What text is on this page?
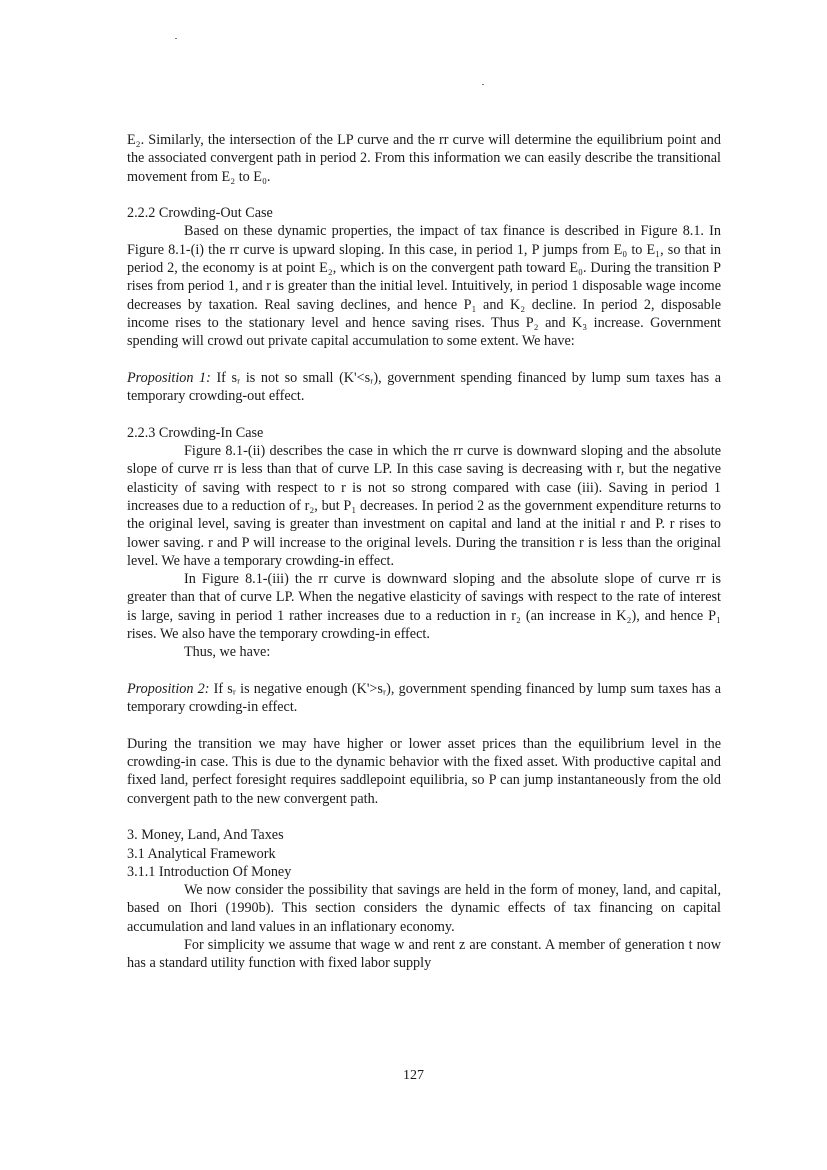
E₂. Similarly, the intersection of the LP curve and the rr curve will determine the equilibrium point and the associated convergent path in period 2. From this information we can easily describe the transitional movement from E₂ to E₀.

2.2.2 Crowding-Out Case

Based on these dynamic properties, the impact of tax finance is described in Figure 8.1. In Figure 8.1-(i) the rr curve is upward sloping. In this case, in period 1, P jumps from E₀ to E₁, so that in period 2, the economy is at point E₂, which is on the convergent path toward E₀. During the transition P rises from period 1, and r is greater than the initial level. Intuitively, in period 1 disposable wage income decreases by taxation. Real saving declines, and hence P₁ and K₂ decline. In period 2, disposable income rises to the stationary level and hence saving rises. Thus P₂ and K₃ increase. Government spending will crowd out private capital accumulation to some extent. We have:

Proposition 1: If sᵣ is not so small (K'<sᵣ), government spending financed by lump sum taxes has a temporary crowding-out effect.

2.2.3 Crowding-In Case

Figure 8.1-(ii) describes the case in which the rr curve is downward sloping and the absolute slope of curve rr is less than that of curve LP. In this case saving is decreasing with r, but the negative elasticity of saving with respect to r is not so strong compared with case (iii). Saving in period 1 increases due to a reduction of r₂, but P₁ decreases. In period 2 as the government expenditure returns to the original level, saving is greater than investment on capital and land at the initial r and P. r rises to lower saving. r and P will increase to the original levels. During the transition r is less than the original level. We have a temporary crowding-in effect.

In Figure 8.1-(iii) the rr curve is downward sloping and the absolute slope of curve rr is greater than that of curve LP. When the negative elasticity of savings with respect to the rate of interest is large, saving in period 1 rather increases due to a reduction in r₂ (an increase in K₂), and hence P₁ rises. We also have the temporary crowding-in effect.

Thus, we have:

Proposition 2: If sᵣ is negative enough (K'>sᵣ), government spending financed by lump sum taxes has a temporary crowding-in effect.

During the transition we may have higher or lower asset prices than the equilibrium level in the crowding-in case. This is due to the dynamic behavior with the fixed asset. With productive capital and fixed land, perfect foresight requires saddlepoint equilibria, so P can jump instantaneously from the old convergent path to the new convergent path.

3. Money, Land, And Taxes

3.1 Analytical Framework

3.1.1 Introduction Of Money

We now consider the possibility that savings are held in the form of money, land, and capital, based on Ihori (1990b). This section considers the dynamic effects of tax financing on capital accumulation and land values in an inflationary economy.

For simplicity we assume that wage w and rent z are constant. A member of generation t now has a standard utility function with fixed labor supply

127
